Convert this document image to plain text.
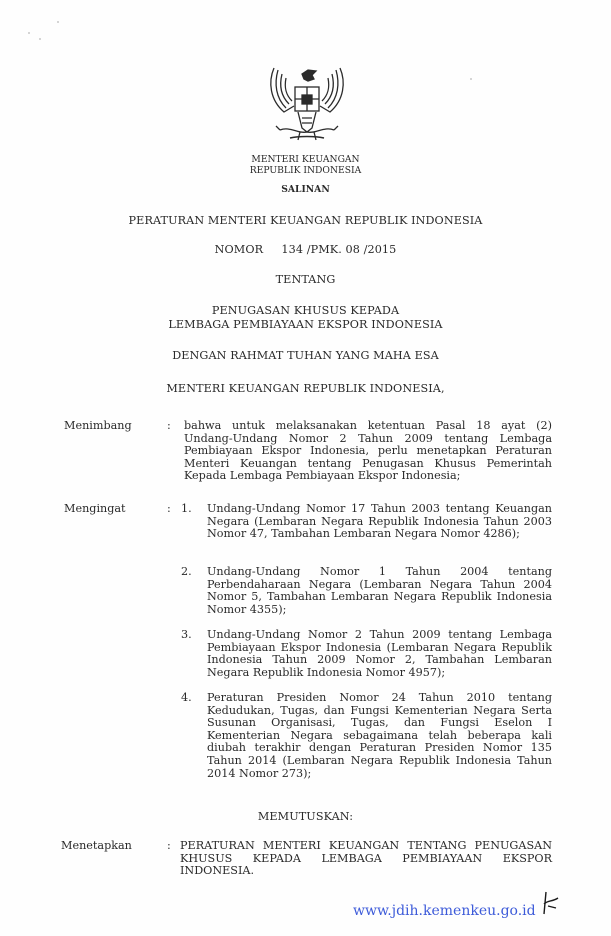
MENTERI KEUANGAN
REPUBLIK INDONESIA
SALINAN
PERATURAN MENTERI KEUANGAN REPUBLIK INDONESIA
NOMOR 134 /PMK. 08 /2015
TENTANG
PENUGASAN KHUSUS KEPADA
LEMBAGA PEMBIAYAAN EKSPOR INDONESIA
DENGAN RAHMAT TUHAN YANG MAHA ESA
MENTERI KEUANGAN REPUBLIK INDONESIA,
Menimbang	: bahwa untuk melaksanakan ketentuan Pasal 18 ayat (2) Undang-Undang Nomor 2 Tahun 2009 tentang Lembaga Pembiayaan Ekspor Indonesia, perlu menetapkan Peraturan Menteri Keuangan tentang Penugasan Khusus Pemerintah Kepada Lembaga Pembiayaan Ekspor Indonesia;
Mengingat	: 1. Undang-Undang Nomor 17 Tahun 2003 tentang Keuangan Negara (Lembaran Negara Republik Indonesia Tahun 2003 Nomor 47, Tambahan Lembaran Negara Nomor 4286);
2. Undang-Undang Nomor 1 Tahun 2004 tentang Perbendaharaan Negara (Lembaran Negara Tahun 2004 Nomor 5, Tambahan Lembaran Negara Republik Indonesia Nomor 4355);
3. Undang-Undang Nomor 2 Tahun 2009 tentang Lembaga Pembiayaan Ekspor Indonesia (Lembaran Negara Republik Indonesia Tahun 2009 Nomor 2, Tambahan Lembaran Negara Republik Indonesia Nomor 4957);
4. Peraturan Presiden Nomor 24 Tahun 2010 tentang Kedudukan, Tugas, dan Fungsi Kementerian Negara Serta Susunan Organisasi, Tugas, dan Fungsi Eselon I Kementerian Negara sebagaimana telah beberapa kali diubah terakhir dengan Peraturan Presiden Nomor 135 Tahun 2014 (Lembaran Negara Republik Indonesia Tahun 2014 Nomor 273);
MEMUTUSKAN:
Menetapkan	: PERATURAN MENTERI KEUANGAN TENTANG PENUGASAN KHUSUS KEPADA LEMBAGA PEMBIAYAAN EKSPOR INDONESIA.
www.jdih.kemenkeu.go.id
